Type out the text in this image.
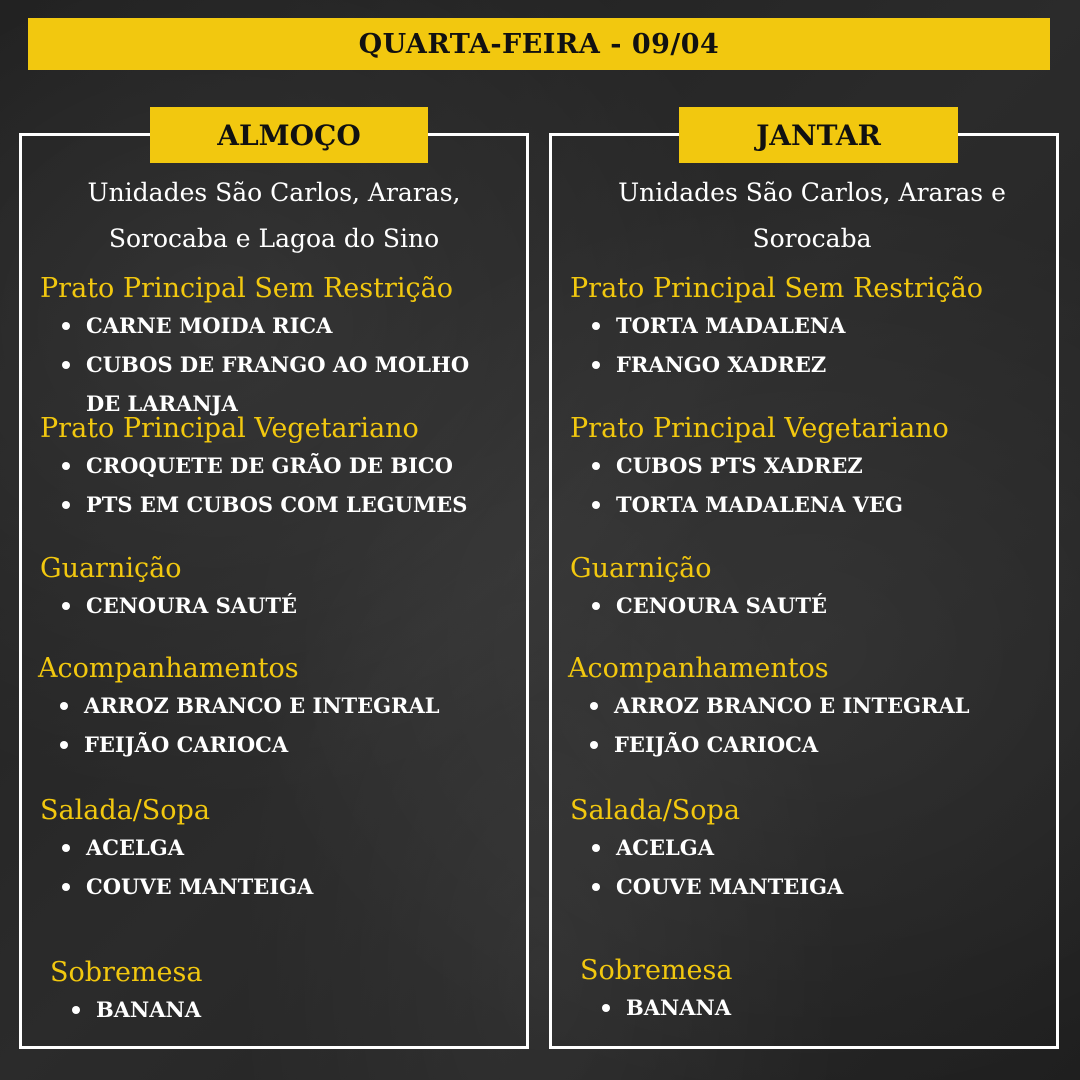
QUARTA-FEIRA - 09/04
ALMOÇO
Unidades São Carlos, Araras, Sorocaba e Lagoa do Sino
Prato Principal Sem Restrição
CARNE MOIDA RICA
CUBOS DE FRANGO AO MOLHO DE LARANJA
Prato Principal Vegetariano
CROQUETE DE GRÃO DE BICO
PTS EM CUBOS COM LEGUMES
Guarnição
CENOURA SAUTÉ
Acompanhamentos
ARROZ BRANCO E INTEGRAL
FEIJÃO CARIOCA
Salada/Sopa
ACELGA
COUVE MANTEIGA
Sobremesa
BANANA
JANTAR
Unidades São Carlos, Araras e Sorocaba
Prato Principal Sem Restrição
TORTA MADALENA
FRANGO XADREZ
Prato Principal Vegetariano
CUBOS PTS XADREZ
TORTA MADALENA VEG
Guarnição
CENOURA SAUTÉ
Acompanhamentos
ARROZ BRANCO E INTEGRAL
FEIJÃO CARIOCA
Salada/Sopa
ACELGA
COUVE MANTEIGA
Sobremesa
BANANA
